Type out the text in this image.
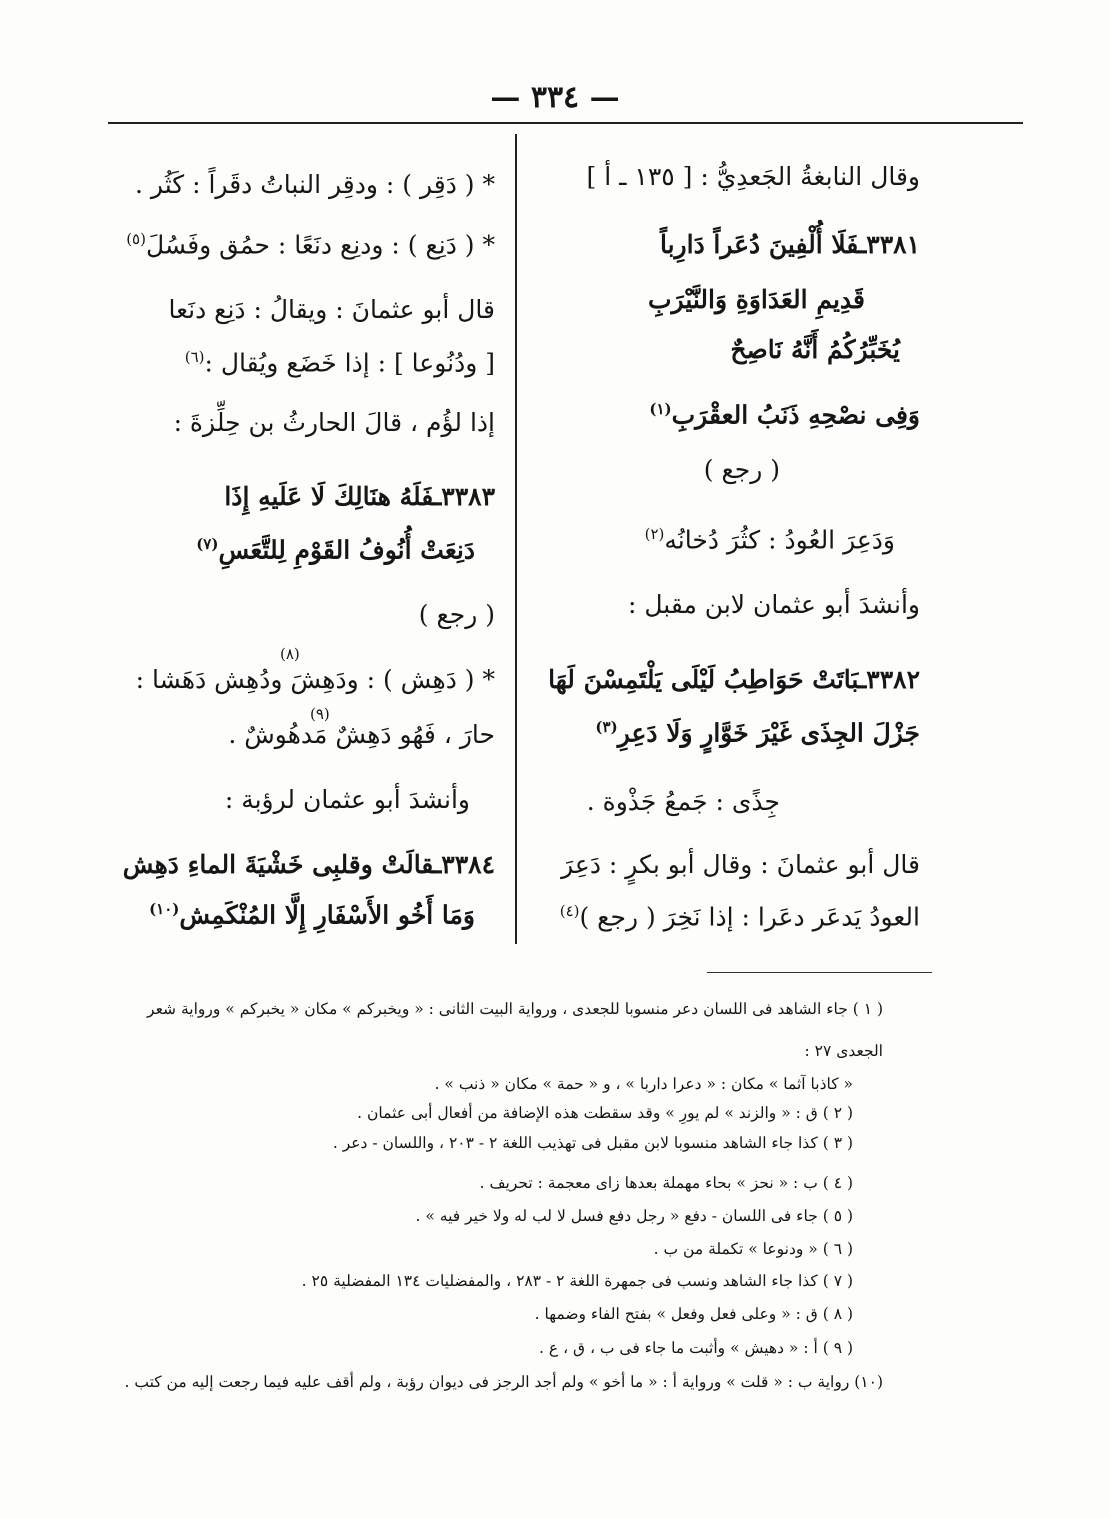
— ٣٣٤ —
وقال النابغةُ الجَعدِيُّ : [ ١٣٥ ـ أ ]
٣٣٨١ـفَلَا أُلْفِينَ دُعَراً دَارِباً
قَدِيمِ العَدَاوَةِ وَالنَّيْرَبِ
يُخَبِّرُكُمُ أَنَّهُ نَاصِحٌ
وَفِى نصْحِهِ ذَنَبُ العقْرَبِ$^{(١)}$
( رجع )
وَدَعِرَ العُودُ : كثُرَ دُخانُه$^{(٢)}$
وأنشدَ أبو عثمان لابن مقبل :
٣٣٨٢ـبَاتَتْ حَوَاطِبُ لَيْلَى يَلْتَمِسْنَ لَهَا
جَزْلَ الجِذَى غَيْرَ خَوَّارٍ وَلَا دَعِرِ$^{(٣)}$
جِذًى : جَمعُ جَذْوة .
قال أبو عثمانَ : وقال أبو بكرٍ : دَعِرَ
العودُ يَدعَر دعَرا : إذا نَخِرَ ( رجع )$^{(٤)}$
* ( دَقِر ) : ودقِر النباتُ دقَراً : كَثُر .
* ( دَنِع ) : ودنِع دنَعًا : حمُق وفَسُلَ$^{(٥)}$
قال أبو عثمانَ : ويقالُ : دَنِع دنَعا
[ ودُنُوعا ] : إذا خَضَع ويُقال :$^{(٦)}$
إذا لؤُم ، قالَ الحارثُ بن حِلِّزةَ :
٣٣٨٣ـفَلَهُ هنَالِكَ لَا عَلَيهِ إِذَا
دَنِعَتْ أُنُوفُ القَوْمِ لِلتَّعَسِ$^{(٧)}$
( رجع )
* ( دَهِش ) : ودَهِشَ ودُهِش دَهَشا :
حارَ ، فَهُو دَهِشٌ مَدهُوشٌ .
وأنشدَ أبو عثمان لرؤبة :
٣٣٨٤ـقالَتْ وقلبِى خَشْيَةَ الماءِ دَهِش
وَمَا أَخُو الأَسْفَارِ إِلَّا المُنْكَمِش$^{(١٠)}$
(٨)
(٩)
( ١ ) جاء الشاهد فى اللسان دعر منسوبا للجعدى ، ورواية البيت الثانى : « ويخبركم » مكان « يخبركم » ورواية شعر
الجعدى ٢٧ :
« كاذبا آثما » مكان : « دعرا داربا » ، و « حمة » مكان « ذنب » .
( ٢ ) ق : « والزند » لم يورِ » وقد سقطت هذه الإضافة من أفعال أبى عثمان .
( ٣ ) كذا جاء الشاهد منسوبا لابن مقبل فى تهذيب اللغة ٢ - ٢٠٣ ، واللسان - دعر .
( ٤ ) ب : « نحز » بحاء مهملة بعدها زاى معجمة : تحريف .
( ٥ ) جاء فى اللسان - دفع « رجل دفع فسل لا لب له ولا خير فيه » .
( ٦ ) « ودنوعا » تكملة من ب .
( ٧ ) كذا جاء الشاهد ونسب فى جمهرة اللغة ٢ - ٢٨٣ ، والمفضليات ١٣٤ المفضلية ٢٥ .
( ٨ ) ق : « وعلى فعل وفعل » بفتح الفاء وضمها .
( ٩ ) أ : « دهيش » وأثبت ما جاء فى ب ، ق ، ع .
(١٠) رواية ب : « قلت » ورواية أ : « ما أخو » ولم أجد الرجز فى ديوان رؤبة ، ولم أقف عليه فيما رجعت إليه من كتب .
